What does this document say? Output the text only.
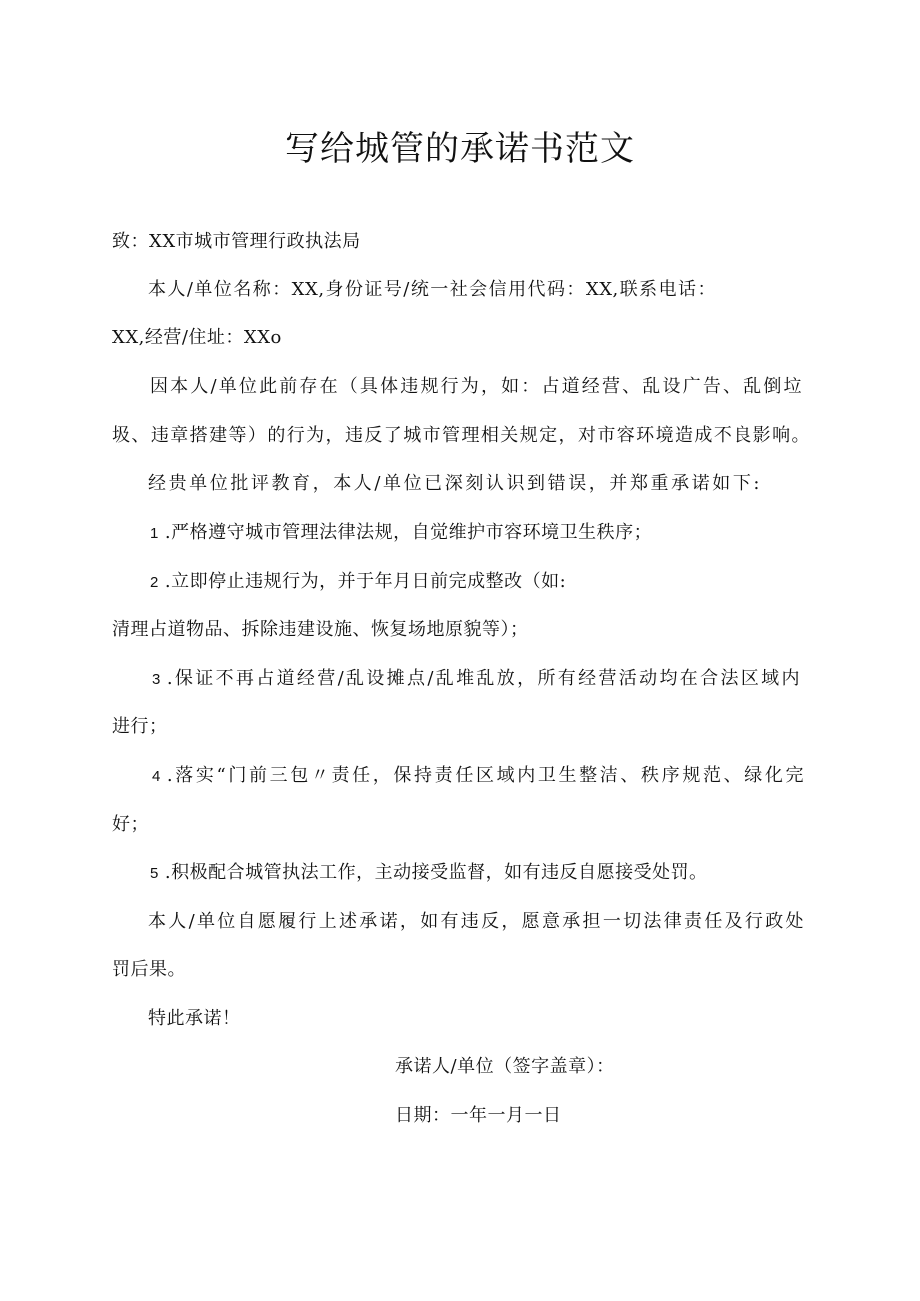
写给城管的承诺书范文
致：XX市城市管理行政执法局
本人/单位名称：XX,身份证号/统一社会信用代码：XX,联系电话：
XX,经营/住址：XXo
因本人/单位此前存在（具体违规行为，如：占道经营、乱设广告、乱倒垃
圾、违章搭建等）的行为，违反了城市管理相关规定，对市容环境造成不良影响。
经贵单位批评教育，本人/单位已深刻认识到错误，并郑重承诺如下:
1 .严格遵守城市管理法律法规，自觉维护市容环境卫生秩序；
2 .立即停止违规行为，并于年月日前完成整改（如:
清理占道物品、拆除违建设施、恢复场地原貌等）；
3 .保证不再占道经营/乱设摊点/乱堆乱放，所有经营活动均在合法区域内
进行；
4 .落实“门前三包〃责任，保持责任区域内卫生整洁、秩序规范、绿化完
好；
5 .积极配合城管执法工作，主动接受监督，如有违反自愿接受处罚。
本人/单位自愿履行上述承诺，如有违反，愿意承担一切法律责任及行政处
罚后果。
特此承诺！
承诺人/单位（签字盖章）：
日期：一年一月一日
